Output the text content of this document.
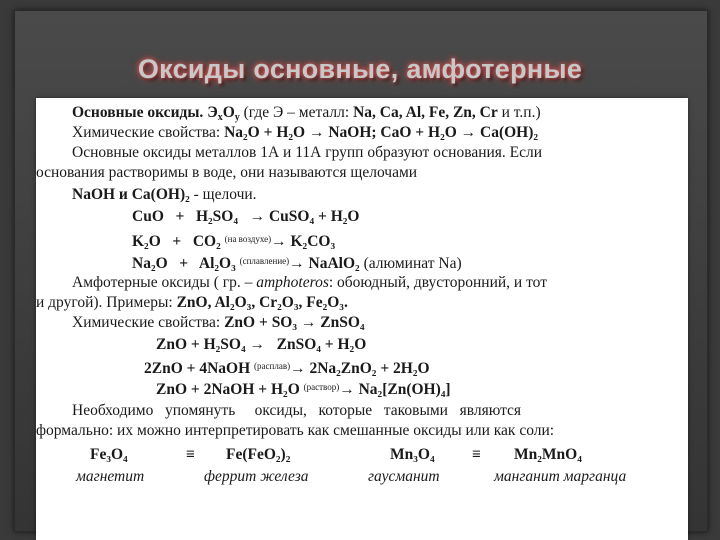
Оксиды основные, амфотерные
Основные оксиды. $Э_xO_y$ (где Э – металл: Na, Ca, Al, Fe, Zn, Cr и т.п.)
Химические свойства: Na₂O + H₂O → NaOH; CaO + H₂O → Ca(OH)₂
Основные оксиды металлов 1А и 11А групп образуют основания. Если
основания растворимы в воде, они называются щелочами
NaOH и Ca(OH)₂ - щелочи.
CuO   +   H₂SO₄   → CuSO₄ + H₂O
K₂O   +   CO₂ $^{(на воздухе)}$→ K₂CO₃
Na₂O   +   Al₂O₃ $^{(сплавление)}$→ NaAlO₂ (алюминат Na)
Амфотерные оксиды ( гр. – amphoteros: обоюдный, двусторонний, и тот
и другой). Примеры: ZnO, Al₂O₃, Cr₂O₃, Fe₂O₃.
Химические свойства: ZnO + SO₃ → ZnSO₄
ZnO + H₂SO₄ →   ZnSO₄ + H₂O
2ZnO + 4NaOH $^{(расплав)}$→ 2Na₂ZnO₂ + 2H₂O
ZnO + 2NaOH + H₂O $^{(раствор)}$→ Na₂[Zn(OH)₄]
Необходимо   упомянуть     оксиды,   которые   таковыми   являются
формально: их можно интерпретировать как смешанные оксиды или как соли:
Fe₃O₄	≡ Fe(FeO₂)₂	Mn₃O₄ ≡ Mn₂MnO₄
магнетит	феррит железа	гаусманит	манганит марганца
